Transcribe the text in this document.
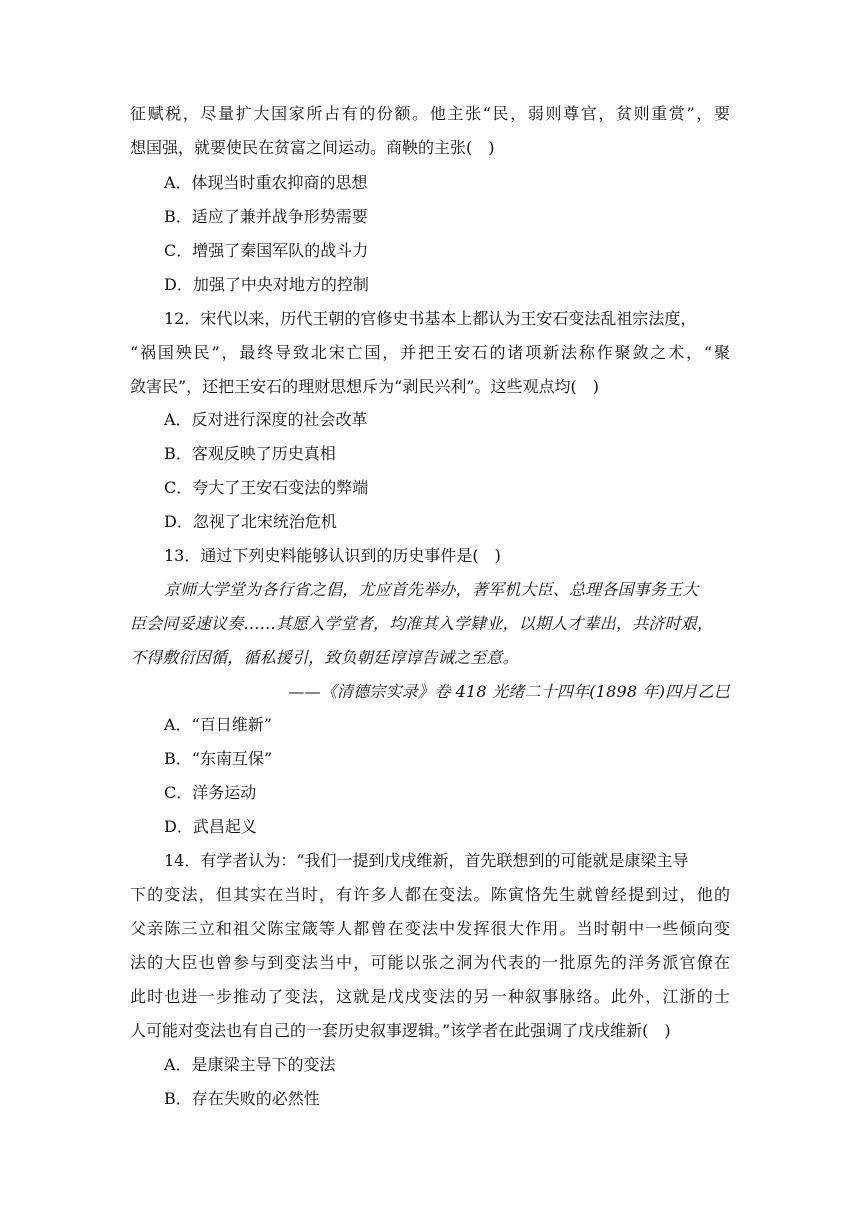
征赋税，尽量扩大国家所占有的份额。他主张“民，弱则尊官，贫则重赏”，要
想国强，就要使民在贫富之间运动。商鞅的主张(　)
A．体现当时重农抑商的思想
B．适应了兼并战争形势需要
C．增强了秦国军队的战斗力
D．加强了中央对地方的控制
12．宋代以来，历代王朝的官修史书基本上都认为王安石变法乱祖宗法度，
“祸国殃民”，最终导致北宋亡国，并把王安石的诸项新法称作聚敛之术，“聚
敛害民”，还把王安石的理财思想斥为“剥民兴利”。这些观点均(　)
A．反对进行深度的社会改革
B．客观反映了历史真相
C．夸大了王安石变法的弊端
D．忽视了北宋统治危机
13．通过下列史料能够认识到的历史事件是(　)
京师大学堂为各行省之倡，尤应首先举办，著军机大臣、总理各国事务王大
臣会同妥速议奏……其愿入学堂者，均准其入学肄业，以期人才辈出，共济时艰，
不得敷衍因循，循私援引，致负朝廷谆谆告诫之至意。
——《清德宗实录》卷 418 光绪二十四年(1898 年)四月乙巳
A．“百日维新”
B．“东南互保”
C．洋务运动
D．武昌起义
14．有学者认为：“我们一提到戊戌维新，首先联想到的可能就是康梁主导
下的变法，但其实在当时，有许多人都在变法。陈寅恪先生就曾经提到过，他的
父亲陈三立和祖父陈宝箴等人都曾在变法中发挥很大作用。当时朝中一些倾向变
法的大臣也曾参与到变法当中，可能以张之洞为代表的一批原先的洋务派官僚在
此时也进一步推动了变法，这就是戊戌变法的另一种叙事脉络。此外，江浙的士
人可能对变法也有自己的一套历史叙事逻辑。”该学者在此强调了戊戌维新(　)
A．是康梁主导下的变法
B．存在失败的必然性
